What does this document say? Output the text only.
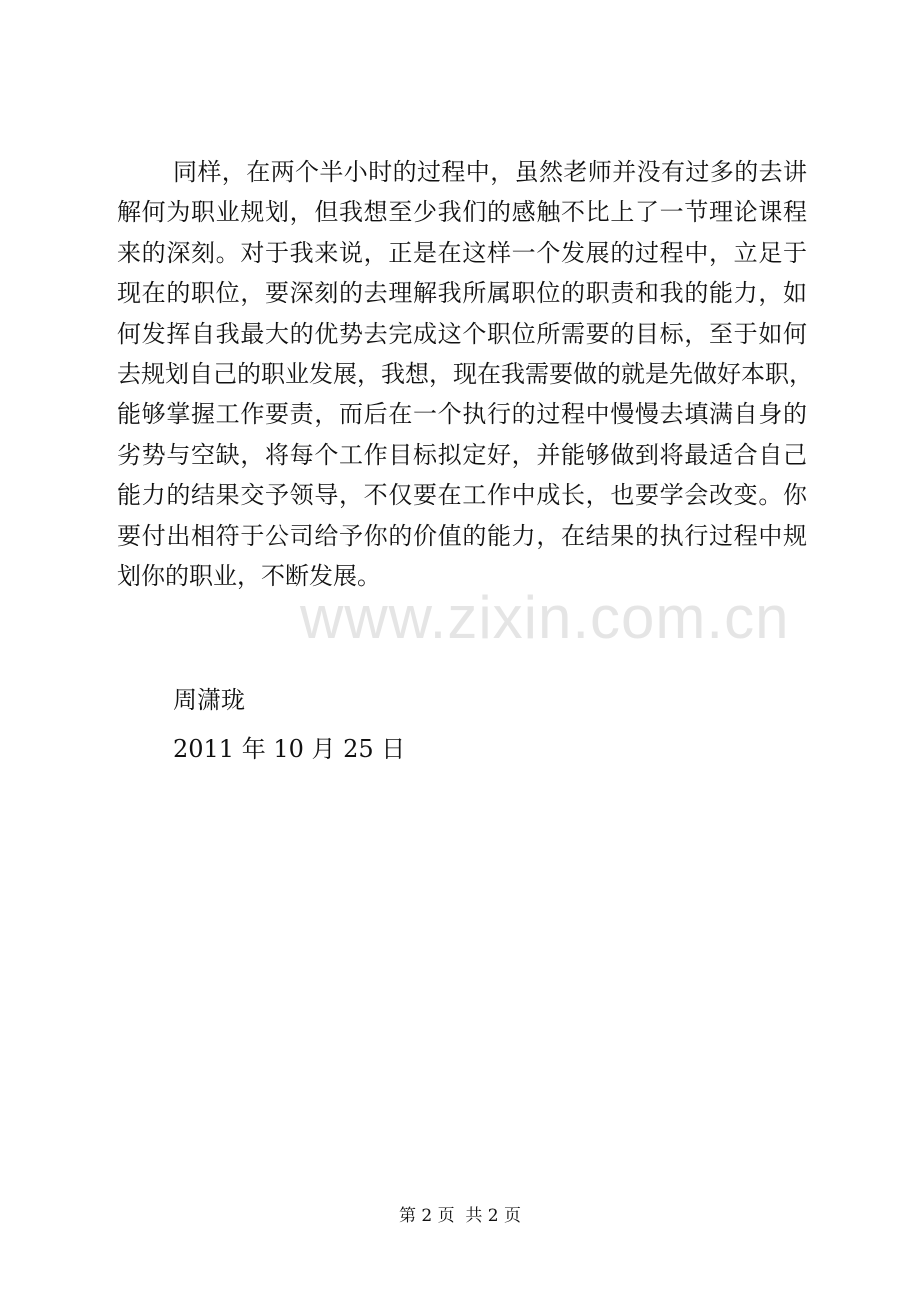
同样，在两个半小时的过程中，虽然老师并没有过多的去讲
解何为职业规划，但我想至少我们的感触不比上了一节理论课程
来的深刻。对于我来说，正是在这样一个发展的过程中，立足于
现在的职位，要深刻的去理解我所属职位的职责和我的能力，如
何发挥自我最大的优势去完成这个职位所需要的目标，至于如何
去规划自己的职业发展，我想，现在我需要做的就是先做好本职，
能够掌握工作要责，而后在一个执行的过程中慢慢去填满自身的
劣势与空缺，将每个工作目标拟定好，并能够做到将最适合自己
能力的结果交予领导，不仅要在工作中成长，也要学会改变。你
要付出相符于公司给予你的价值的能力，在结果的执行过程中规
划你的职业，不断发展。
周潇珑
2011 年 10 月 25 日
www.zixin.com.cn
第 2 页  共 2 页
